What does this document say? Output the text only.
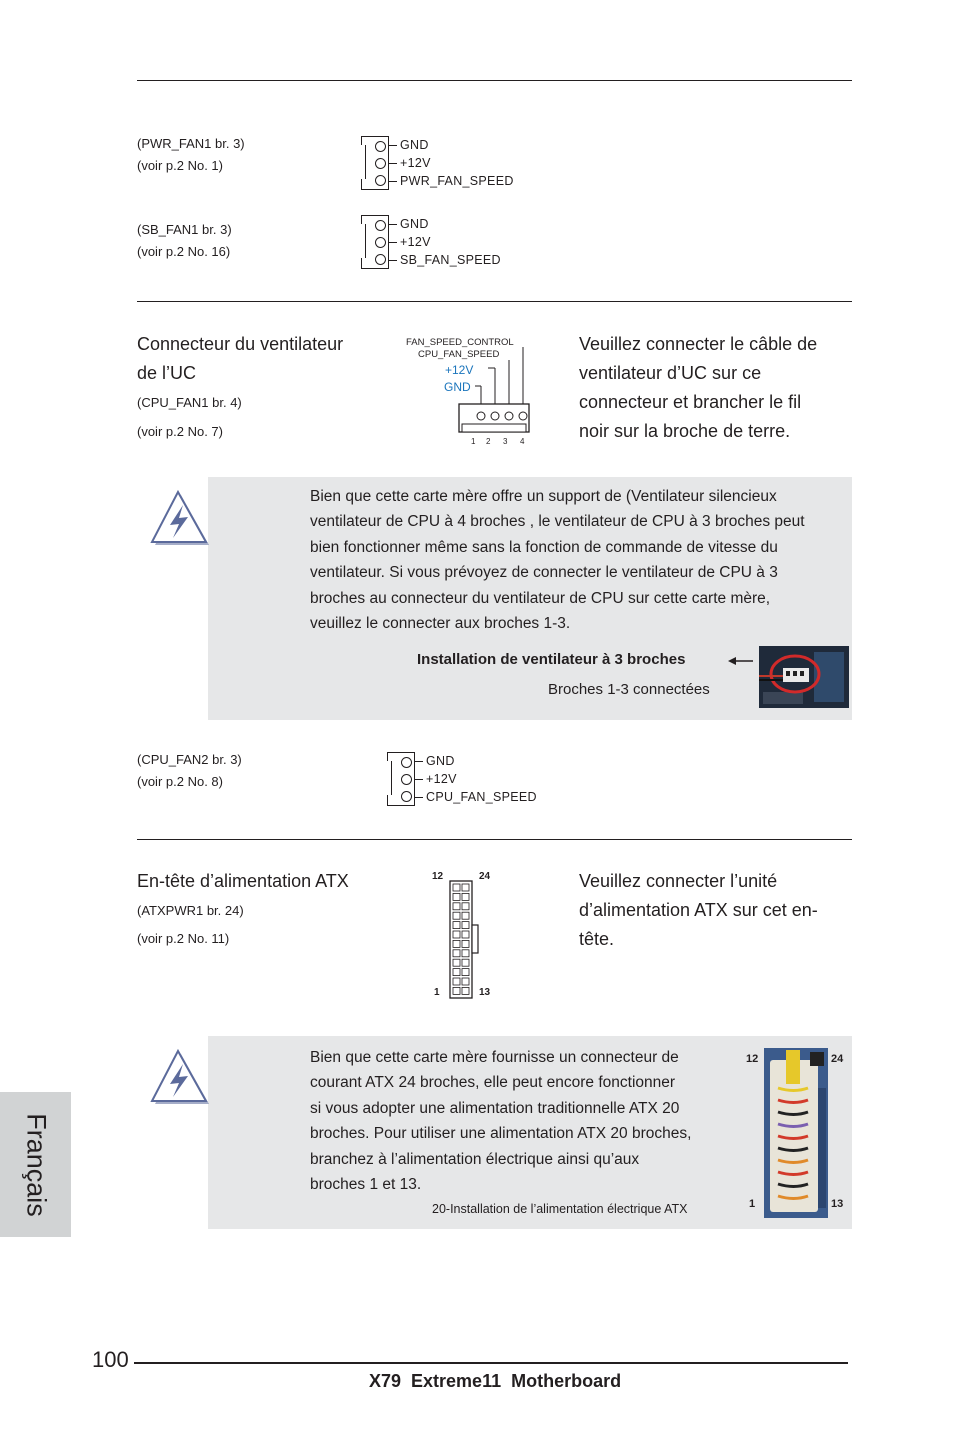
(PWR_FAN1 br. 3)
(voir p.2 No. 1)
GND
+12V
PWR_FAN_SPEED
(SB_FAN1 br. 3)
(voir p.2 No. 16)
GND
+12V
SB_FAN_SPEED
Connecteur du ventilateur
de l’UC
(CPU_FAN1 br. 4)
(voir p.2 No. 7)
FAN_SPEED_CONTROL
CPU_FAN_SPEED
+12V
GND
1 2 3 4
Veuillez connecter le câble de
ventilateur d’UC sur ce
connecteur et brancher le fil
noir sur la broche de terre.
Bien que cette carte mère offre un support de (Ventilateur silencieux
ventilateur de CPU à 4 broches , le ventilateur de CPU à 3 broches peut
bien fonctionner même sans la fonction de commande de vitesse du
ventilateur. Si vous prévoyez de connecter le ventilateur de CPU à 3
broches au connecteur du ventilateur de CPU sur cette carte mère,
veuillez le connecter aux broches 1-3.
Installation de ventilateur à 3 broches
Broches 1-3 connectées
(CPU_FAN2 br. 3)
(voir p.2 No. 8)
GND
+12V
CPU_FAN_SPEED
En-tête d’alimentation ATX
(ATXPWR1 br. 24)
(voir p.2 No. 11)
12	24
1	13
Veuillez connecter l’unité
d’alimentation ATX sur cet en-
tête.
Bien que cette carte mère fournisse un connecteur de
courant ATX 24 broches, elle peut encore fonctionner
si vous adopter une alimentation traditionnelle ATX 20
broches. Pour utiliser une alimentation ATX 20 broches,
branchez à l’alimentation électrique ainsi qu’aux
broches 1 et 13.
20-Installation de l’alimentation électrique ATX
12	24
1	13
Français
100
X79  Extreme11  Motherboard
